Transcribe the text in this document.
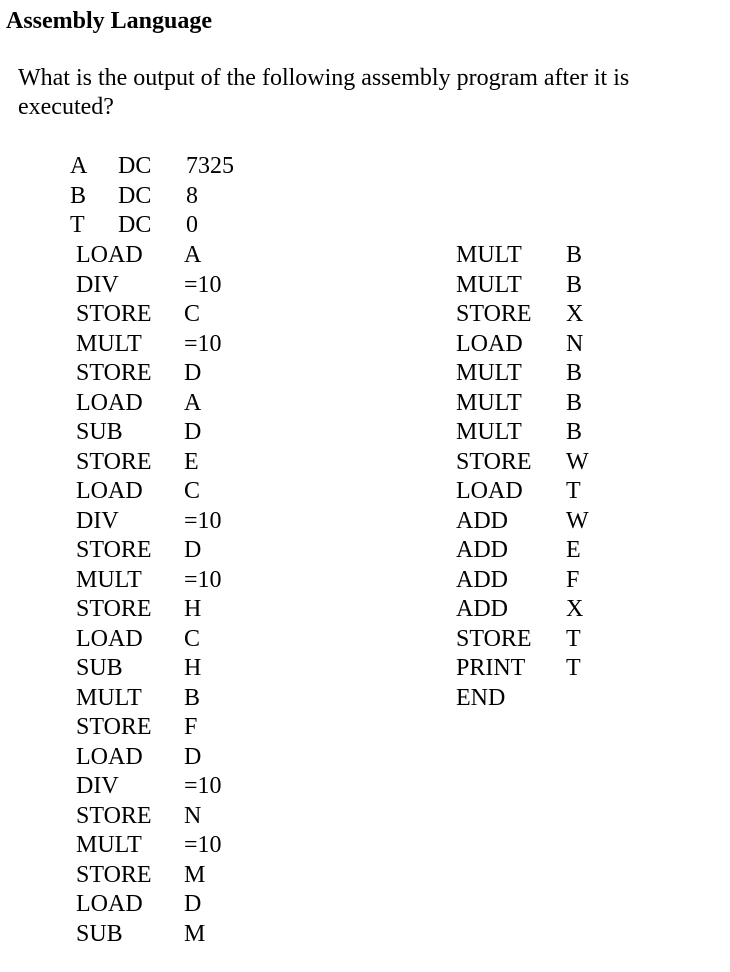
Assembly Language

What is the output of the following assembly program after it is executed?

A	DC	7325
B	DC	8
T	DC	0
LOAD	A
DIV	=10
STORE	C
MULT	=10
STORE	D
LOAD	A
SUB	D
STORE	E
LOAD	C
DIV	=10
STORE	D
MULT	=10
STORE	H
LOAD	C
SUB	H
MULT	B
STORE	F
LOAD	D
DIV	=10
STORE	N
MULT	=10
STORE	M
LOAD	D
SUB	M
MULT	B
MULT	B
STORE	X
LOAD	N
MULT	B
MULT	B
MULT	B
STORE	W
LOAD	T
ADD	W
ADD	E
ADD	F
ADD	X
STORE	T
PRINT	T
END
